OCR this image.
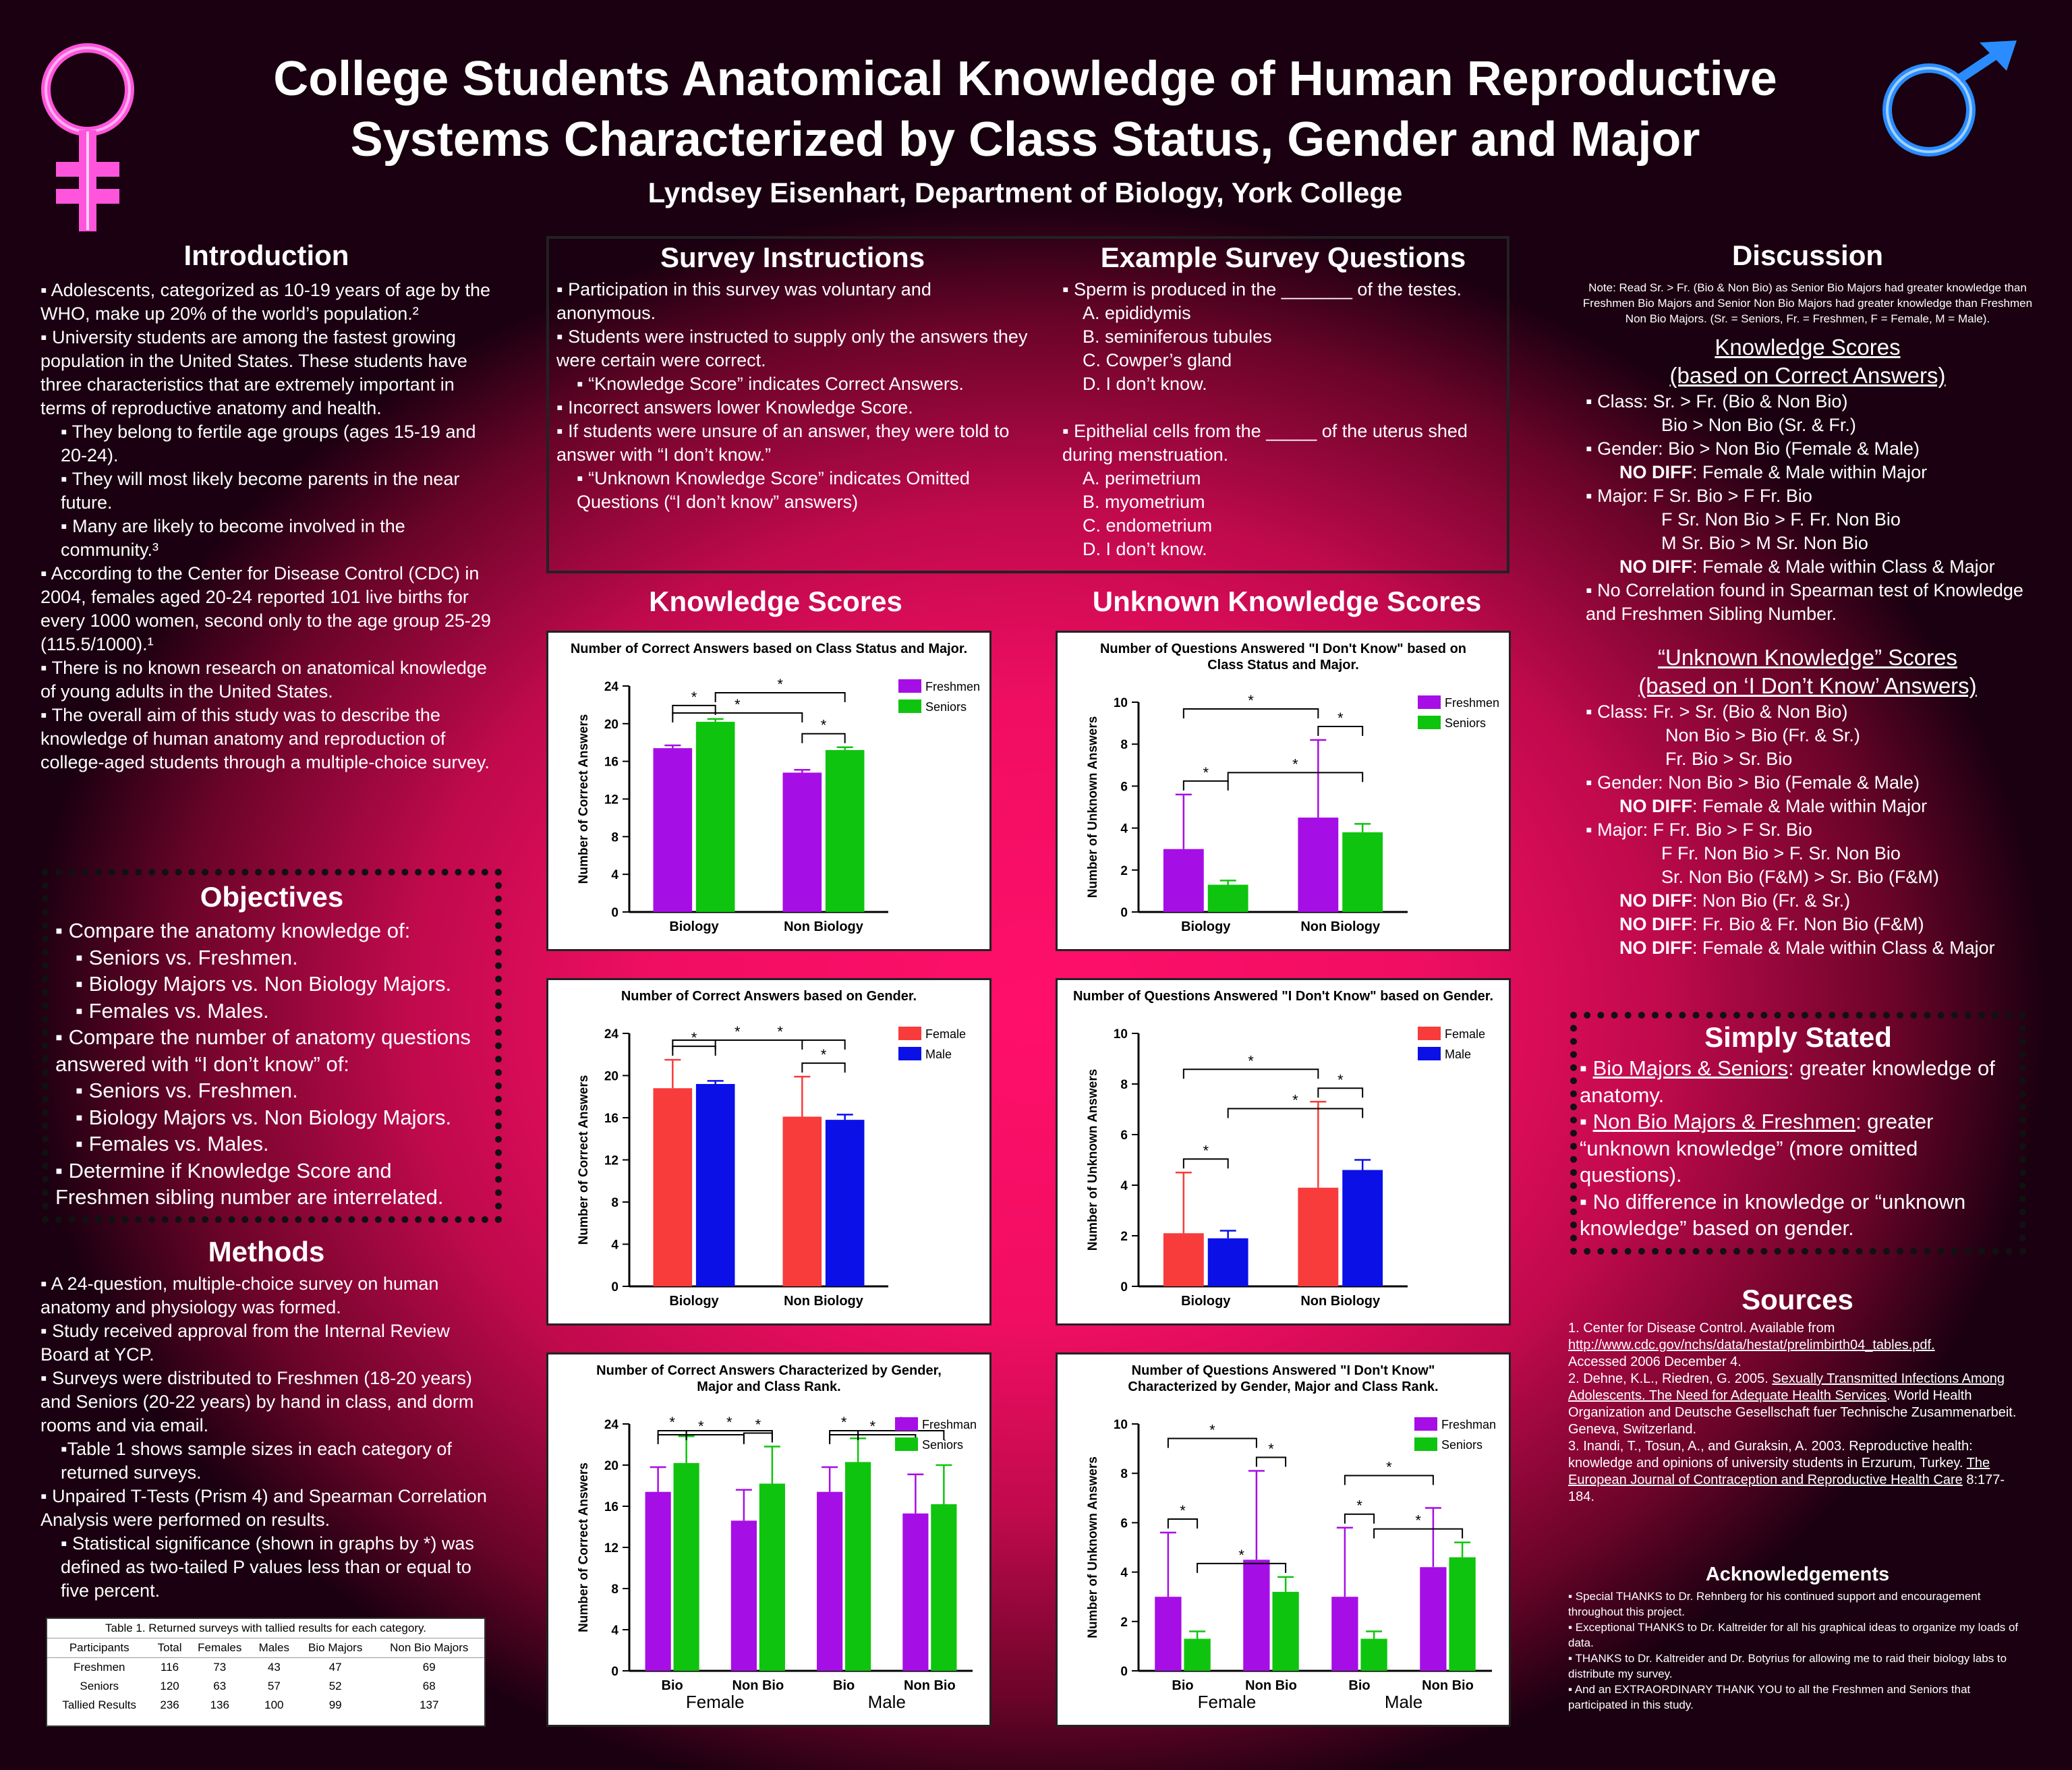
College Students Anatomical Knowledge of Human Reproductive
Systems Characterized by Class Status, Gender and Major
Lyndsey Eisenhart, Department of Biology, York College
Introduction

▪ Adolescents, categorized as 10-19 years of age by the WHO, make up 20% of the world’s population.²

▪ University students are among the fastest growing population in the United States. These students have three characteristics that are extremely important in terms of reproductive anatomy and health.

▪ They belong to fertile age groups (ages 15-19 and 20-24).

▪ They will most likely become parents in the near future.

▪ Many are likely to become involved in the community.³

▪ According to the Center for Disease Control (CDC) in 2004, females aged 20-24 reported 101 live births for every 1000 women, second only to the age group 25-29 (115.5/1000).¹

▪ There is no known research on anatomical knowledge of young adults in the United States.

▪ The overall aim of this study was to describe the knowledge of human anatomy and reproduction of college-aged students through a multiple-choice survey.

Objectives

▪ Compare the anatomy knowledge of:

▪ Seniors vs. Freshmen.

▪ Biology Majors vs. Non Biology Majors.

▪ Females vs. Males.

▪ Compare the number of anatomy questions answered with “I don’t know” of:

▪ Seniors vs. Freshmen.

▪ Biology Majors vs. Non Biology Majors.

▪ Females vs. Males.

▪ Determine if Knowledge Score and Freshmen sibling number are interrelated.

Methods

▪ A 24-question, multiple-choice survey on human anatomy and physiology was formed.

▪ Study received approval from the Internal Review Board at YCP.

▪ Surveys were distributed to Freshmen (18-20 years) and Seniors (20-22 years) by hand in class, and dorm rooms and via email.

▪Table 1 shows sample sizes in each category of returned surveys.

▪ Unpaired T-Tests (Prism 4) and Spearman Correlation Analysis were performed on results.

▪ Statistical significance (shown in graphs by *) was defined as two-tailed P values less than or equal to five percent.

Table 1. Returned surveys with tallied results for each category.
Participants	Total	Females	Males	Bio Majors	Non Bio Majors
Freshmen	116	73	43	47	69
Seniors	120	63	57	52	68
Tallied Results	236	136	100	99	137
Survey Instructions

▪ Participation in this survey was voluntary and anonymous.

▪ Students were instructed to supply only the answers they were certain were correct.

▪ “Knowledge Score” indicates Correct Answers.

▪ Incorrect answers lower Knowledge Score.

▪ If students were unsure of an answer, they were told to answer with “I don’t know.”

▪ “Unknown Knowledge Score” indicates Omitted Questions (“I don’t know” answers)

Example Survey Questions

▪ Sperm is produced in the _______ of the testes.

A. epididymis

B. seminiferous tubules

C. Cowper’s gland

D. I don’t know.

▪ Epithelial cells from the _____ of the uterus shed during menstruation.

A. perimetrium

B. myometrium

C. endometrium

D. I don’t know.

Knowledge Scores	Unknown Knowledge Scores
Number of Correct Answers based on Class Status and Major.
0
4
8
12
16
20
24
Number of Correct Answers
Biology	Non Biology
*	*
*
*
Freshmen
Seniors
Number of Questions Answered "I Don't Know" based on
Class Status and Major.
0
2
4
6
8
10
Number of Unknown Answers
Biology	Non Biology
*
*
*
*
Freshmen
Seniors
Number of Correct Answers based on Gender.
0
4
8
12
16
20
24
Number of Correct Answers
Biology	Non Biology
*	* *
*
Female
Male
Number of Questions Answered "I Don't Know" based on Gender.
0
2
4
6
8
10
Number of Unknown Answers
Biology	Non Biology
*
*
*
*
Female
Male
Number of Correct Answers Characterized by Gender,
Major and Class Rank.
0
4
8
12
16
20
24
Number of Correct Answers
Bio	Non Bio	Bio	Non Bio
Female	Male
* * * *	* *	Freshman
Seniors
Number of Questions Answered "I Don't Know"
Characterized by Gender, Major and Class Rank.
0
2
4
6
8
10
Number of Unknown Answers
Bio	Non Bio	Bio	Non Bio
Female	Male
*
*
*
*
*
*
*
Freshman
Seniors
Discussion

Note: Read Sr. > Fr. (Bio & Non Bio) as Senior Bio Majors had greater knowledge than Freshmen Bio Majors and Senior Non Bio Majors had greater knowledge than Freshmen Non Bio Majors. (Sr. = Seniors, Fr. = Freshmen, F = Female, M = Male).

Knowledge Scores

(based on Correct Answers)

▪ Class: Sr. > Fr. (Bio & Non Bio)

Bio > Non Bio (Sr. & Fr.)

▪ Gender: Bio > Non Bio (Female & Male)

NO DIFF: Female & Male within Major

▪ Major: F Sr. Bio > F Fr. Bio

F Sr. Non Bio > F. Fr. Non Bio

M Sr. Bio > M Sr. Non Bio

NO DIFF: Female & Male within Class & Major

▪ No Correlation found in Spearman test of Knowledge and Freshmen Sibling Number.

“Unknown Knowledge” Scores

(based on ‘I Don’t Know’ Answers)

▪ Class: Fr. > Sr. (Bio & Non Bio)

Non Bio > Bio (Fr. & Sr.)

Fr. Bio > Sr. Bio

▪ Gender: Non Bio > Bio (Female & Male)

NO DIFF: Female & Male within Major

▪ Major: F Fr. Bio > F Sr. Bio

F Fr. Non Bio > F. Sr. Non Bio

Sr. Non Bio (F&M) > Sr. Bio (F&M)

NO DIFF: Non Bio (Fr. & Sr.)

NO DIFF: Fr. Bio & Fr. Non Bio (F&M)

NO DIFF: Female & Male within Class & Major

Simply Stated

▪ Bio Majors & Seniors: greater knowledge of anatomy.

▪ Non Bio Majors & Freshmen: greater “unknown knowledge” (more omitted questions).

▪ No difference in knowledge or “unknown knowledge” based on gender.

Sources

1. Center for Disease Control. Available from
http://www.cdc.gov/nchs/data/hestat/prelimbirth04_tables.pdf.
Accessed 2006 December 4.

2. Dehne, K.L., Riedren, G. 2005. Sexually Transmitted Infections Among Adolescents. The Need for Adequate Health Services. World Health Organization and Deutsche Gesellschaft fuer Technische Zusammenarbeit. Geneva, Switzerland.

3. Inandi, T., Tosun, A., and Guraksin, A. 2003. Reproductive health: knowledge and opinions of university students in Erzurum, Turkey. The European Journal of Contraception and Reproductive Health Care 8:177-184.

Acknowledgements

▪ Special THANKS to Dr. Rehnberg for his continued support and encouragement throughout this project.

▪ Exceptional THANKS to Dr. Kaltreider for all his graphical ideas to organize my loads of data.

▪ THANKS to Dr. Kaltreider and Dr. Botyrius for allowing me to raid their biology labs to distribute my survey.

▪ And an EXTRAORDINARY THANK YOU to all the Freshmen and Seniors that participated in this study.
